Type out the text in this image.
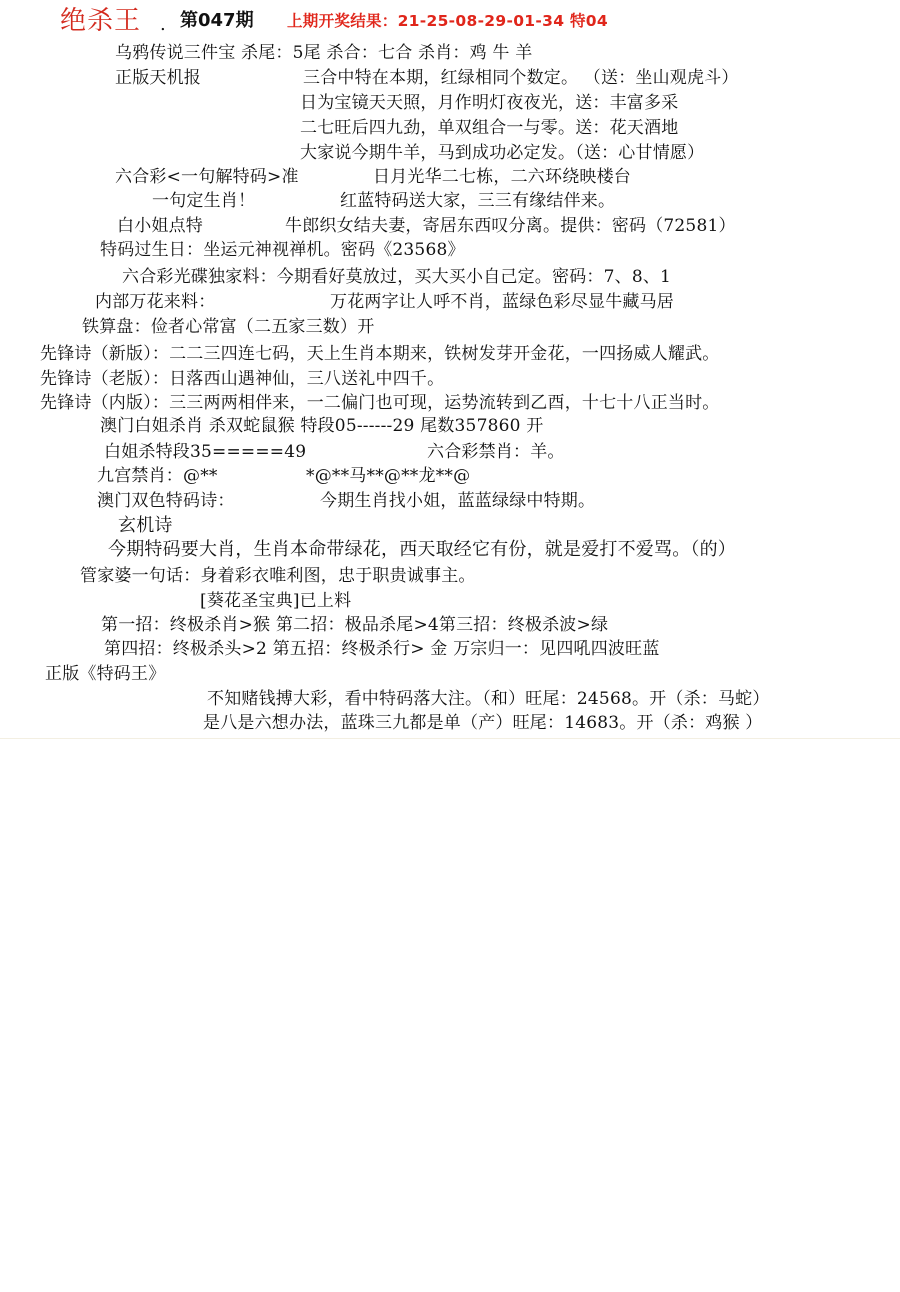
绝杀王 . 第047期 上期开奖结果：21-25-08-29-01-34 特04
乌鸦传说三件宝 杀尾：5尾 杀合：七合 杀肖：鸡 牛 羊
正版天机报	三合中特在本期，红绿相同个数定。 （送：坐山观虎斗）
日为宝镜天天照，月作明灯夜夜光，送：丰富多采
二七旺后四九劲，单双组合一与零。送：花天酒地
大家说今期牛羊，马到成功必定发。（送：心甘情愿）
六合彩<一句解特码>准	日月光华二七栋，二六环绕映楼台
一句定生肖！	红蓝特码送大家，三三有缘结伴来。
白小姐点特	牛郎织女结夫妻，寄居东西叹分离。提供：密码（72581）
特码过生日：坐运元神视禅机。密码《23568》
六合彩光碟独家料：今期看好莫放过，买大买小自己定。密码：7、8、1
内部万花来料：	万花两字让人呼不肖，蓝绿色彩尽显牛藏马居
铁算盘：俭者心常富（二五家三数）开
先锋诗（新版）：二二三四连七码，天上生肖本期来，铁树发芽开金花，一四扬威人耀武。
先锋诗（老版）：日落西山遇神仙，三八送礼中四千。
先锋诗（内版）：三三两两相伴来，一二偏门也可现，运势流转到乙酉，十七十八正当时。
澳门白姐杀肖 杀双蛇鼠猴 特段05------29 尾数357860 开
白姐杀特段35=====49	六合彩禁肖：羊。
九宫禁肖：@**	*@**马**@**龙**@
澳门双色特码诗：	今期生肖找小姐，蓝蓝绿绿中特期。
玄机诗
今期特码要大肖，生肖本命带绿花，西天取经它有份，就是爱打不爱骂。（的）
管家婆一句话：身着彩衣唯利图，忠于职贵诚事主。
[葵花圣宝典]已上料
第一招：终极杀肖>猴 第二招：极品杀尾>4第三招：终极杀波>绿
第四招：终极杀头>2 第五招：终极杀行> 金 万宗归一：见四吼四波旺蓝
正版《特码王》
不知赌钱搏大彩，看中特码落大注。（和）旺尾：24568。开（杀：马蛇）
是八是六想办法，蓝珠三九都是单（产）旺尾：14683。开（杀：鸡猴 ）
